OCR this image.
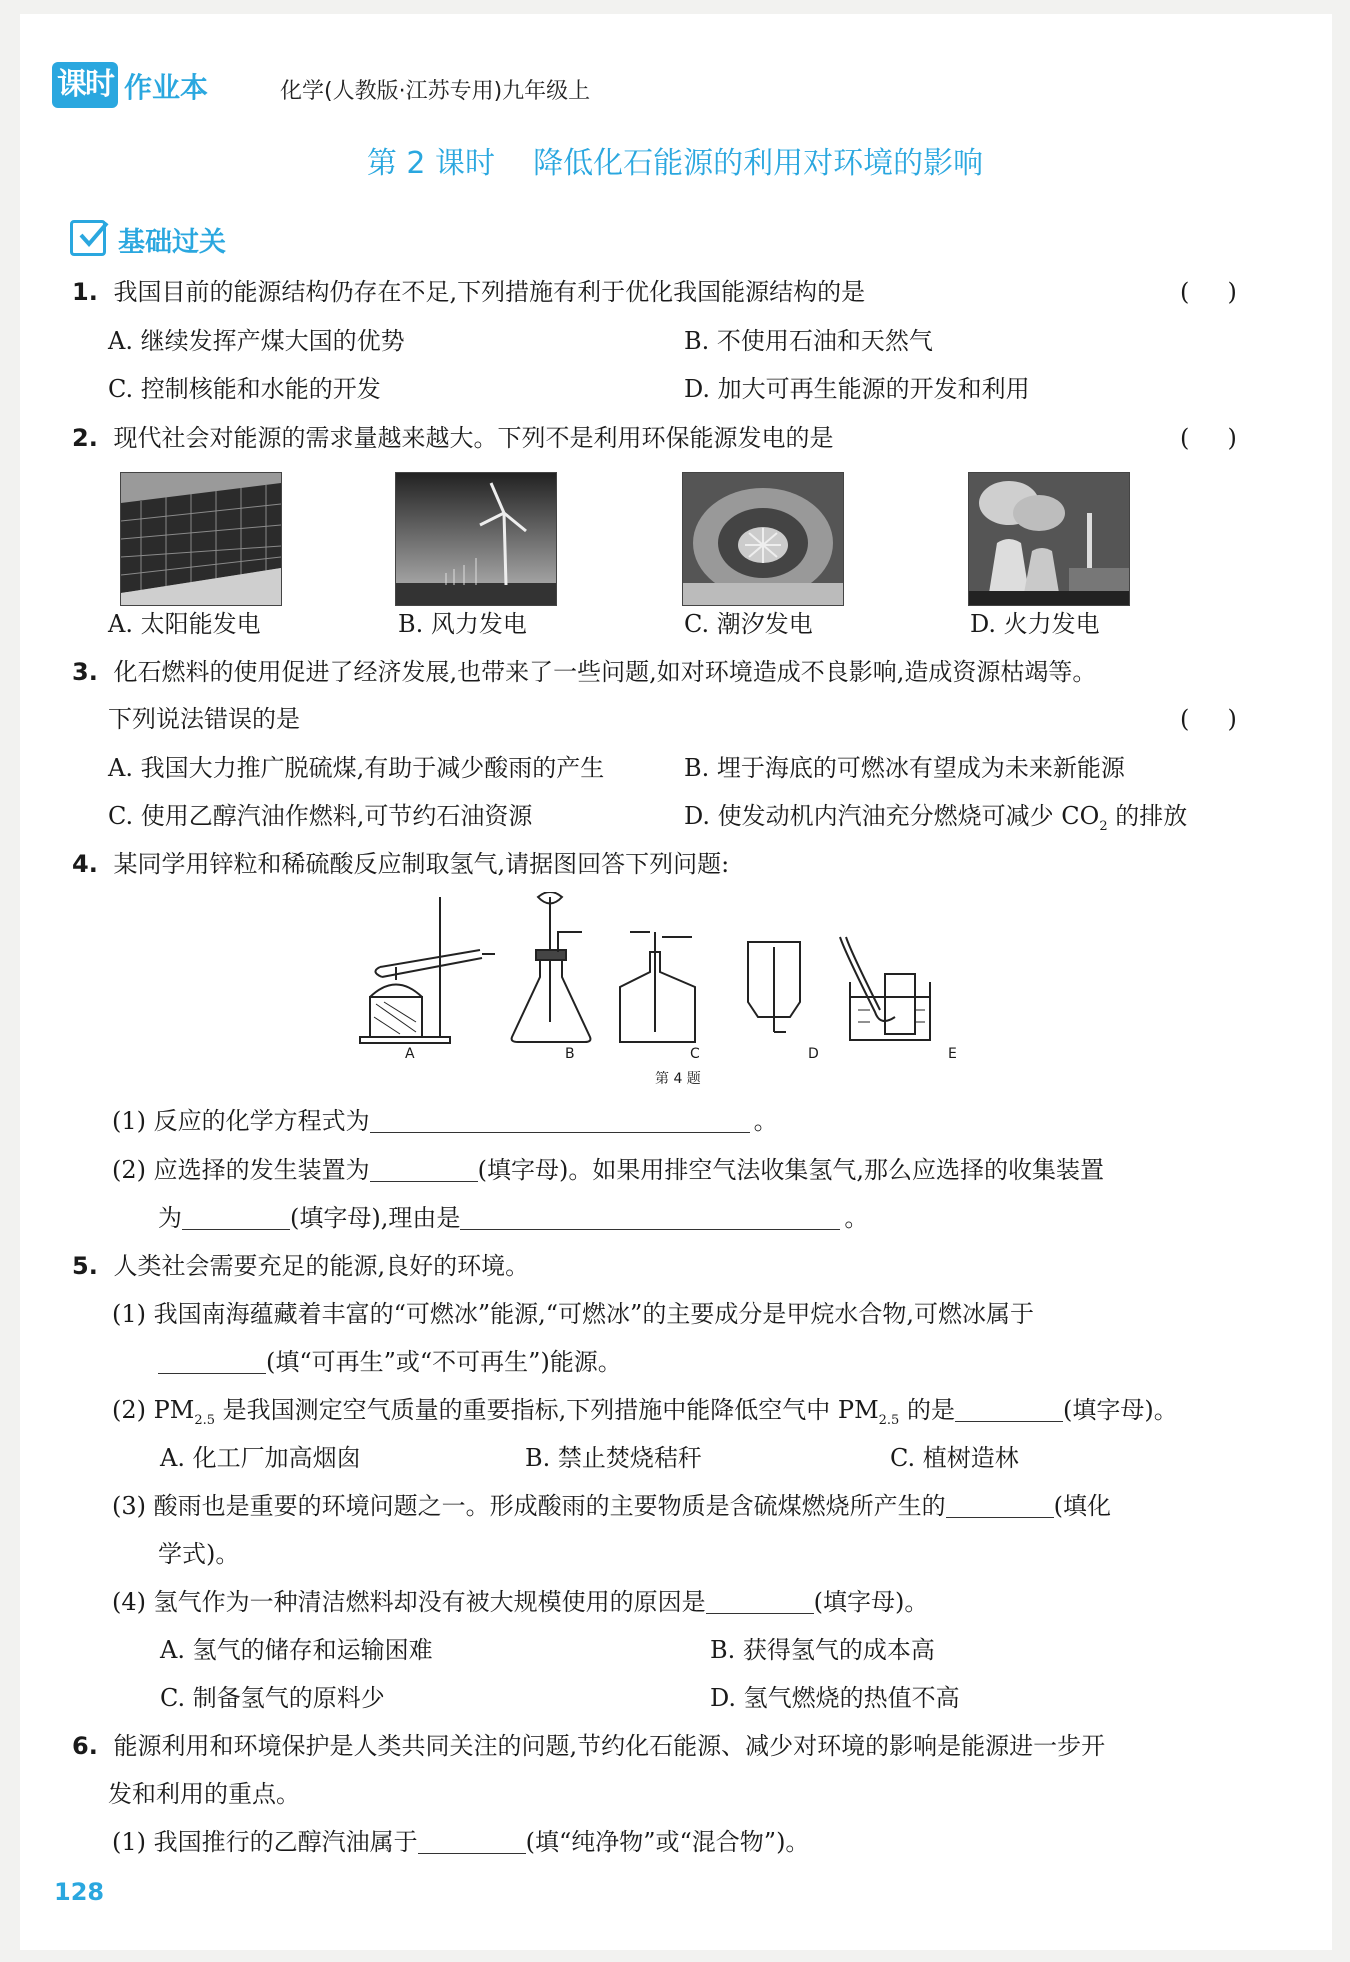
课时 作业本	化学(人教版·江苏专用)九年级上
第 2 课时    降低化石能源的利用对环境的影响
基础过关
1. 我国目前的能源结构仍存在不足,下列措施有利于优化我国能源结构的是	(     )
A. 继续发挥产煤大国的优势	B. 不使用石油和天然气
C. 控制核能和水能的开发	D. 加大可再生能源的开发和利用
2. 现代社会对能源的需求量越来越大。下列不是利用环保能源发电的是	(     )
A. 太阳能发电	B. 风力发电	C. 潮汐发电	D. 火力发电
3. 化石燃料的使用促进了经济发展,也带来了一些问题,如对环境造成不良影响,造成资源枯竭等。
下列说法错误的是	(     )
A. 我国大力推广脱硫煤,有助于减少酸雨的产生	B. 埋于海底的可燃冰有望成为未来新能源
C. 使用乙醇汽油作燃料,可节约石油资源	D. 使发动机内汽油充分燃烧可减少 $CO_2$ 的排放
4. 某同学用锌粒和稀硫酸反应制取氢气,请据图回答下列问题:
A	B	C	D	E
第 4 题
(1) 反应的化学方程式为	。
(2) 应选择的发生装置为	(填字母)。如果用排空气法收集氢气,那么应选择的收集装置
为	(填字母),理由是	。
5. 人类社会需要充足的能源,良好的环境。
(1) 我国南海蕴藏着丰富的“可燃冰”能源,“可燃冰”的主要成分是甲烷水合物,可燃冰属于
(填“可再生”或“不可再生”)能源。
(2) $PM_{2.5}$ 是我国测定空气质量的重要指标,下列措施中能降低空气中 $PM_{2.5}$ 的是	(填字母)。
A. 化工厂加高烟囱	B. 禁止焚烧秸秆	C. 植树造林
(3) 酸雨也是重要的环境问题之一。形成酸雨的主要物质是含硫煤燃烧所产生的	(填化
学式)。
(4) 氢气作为一种清洁燃料却没有被大规模使用的原因是	(填字母)。
A. 氢气的储存和运输困难	B. 获得氢气的成本高
C. 制备氢气的原料少	D. 氢气燃烧的热值不高
6. 能源利用和环境保护是人类共同关注的问题,节约化石能源、减少对环境的影响是能源进一步开
发和利用的重点。
(1) 我国推行的乙醇汽油属于	(填“纯净物”或“混合物”)。
128
